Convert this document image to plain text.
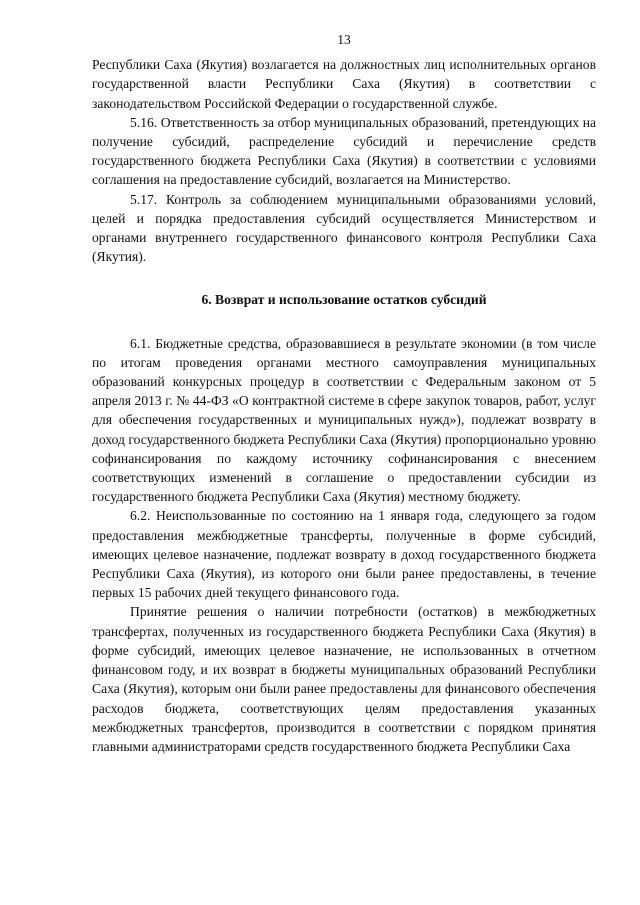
13

Республики Саха (Якутия) возлагается на должностных лиц исполнительных органов государственной власти Республики Саха (Якутия) в соответствии с законодательством Российской Федерации о государственной службе.

5.16. Ответственность за отбор муниципальных образований, претендующих на получение субсидий, распределение субсидий и перечисление средств государственного бюджета Республики Саха (Якутия) в соответствии с условиями соглашения на предоставление субсидий, возлагается на Министерство.

5.17. Контроль за соблюдением муниципальными образованиями условий, целей и порядка предоставления субсидий осуществляется Министерством и органами внутреннего государственного финансового контроля Республики Саха (Якутия).

6. Возврат и использование остатков субсидий

6.1. Бюджетные средства, образовавшиеся в результате экономии (в том числе по итогам проведения органами местного самоуправления муниципальных образований конкурсных процедур в соответствии с Федеральным законом от 5 апреля 2013 г. № 44-ФЗ «О контрактной системе в сфере закупок товаров, работ, услуг для обеспечения государственных и муниципальных нужд»), подлежат возврату в доход государственного бюджета Республики Саха (Якутия) пропорционально уровню софинансирования по каждому источнику софинансирования с внесением соответствующих изменений в соглашение о предоставлении субсидии из государственного бюджета Республики Саха (Якутия) местному бюджету.

6.2. Неиспользованные по состоянию на 1 января года, следующего за годом предоставления межбюджетные трансферты, полученные в форме субсидий, имеющих целевое назначение, подлежат возврату в доход государственного бюджета Республики Саха (Якутия), из которого они были ранее предоставлены, в течение первых 15 рабочих дней текущего финансового года.

Принятие решения о наличии потребности (остатков) в межбюджетных трансфертах, полученных из государственного бюджета Республики Саха (Якутия) в форме субсидий, имеющих целевое назначение, не использованных в отчетном финансовом году, и их возврат в бюджеты муниципальных образований Республики Саха (Якутия), которым они были ранее предоставлены для финансового обеспечения расходов бюджета, соответствующих целям предоставления указанных межбюджетных трансфертов, производится в соответствии с порядком принятия главными администраторами средств государственного бюджета Республики Саха
